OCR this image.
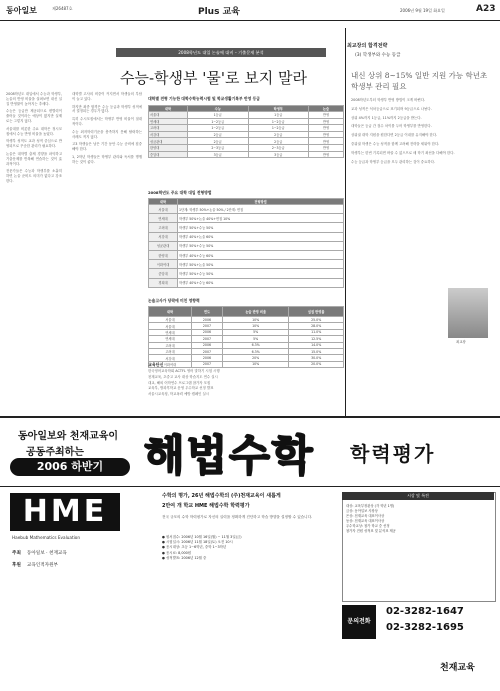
동아일보	제26487호	Plus 교육	2006년 9월 19일 화요일	A23
2008학년도 대입 논술에 대비 – 기출문제 분석
수능-학생부 '물'로 보지 말라

2008학년도 대입에서 수능과 학생부, 논술의 반영 비율을 살펴보면 내신 실질 반영률이 높아지는 추세다.

수능은 등급만 제공되므로 변별력이 줄어들 것이라는 예상이 많지만 실제로는 그렇지 않다.

서울대를 비롯한 주요 대학은 정시모집에서 수능 반영 비율을 높였다.

학생부 성적도 교과 성적 중심으로 반영되므로 꾸준한 관리가 필요하다.

논술은 대학별 출제 경향을 파악하고 기출문제를 반복해 연습하는 것이 효과적이다.

전문가들은 수능과 학생부를 소홀히 하면 논술 준비도 의미가 없다고 강조한다.

대학별 고사의 비중이 커지면서 학생들의 부담이 늘고 있다.

하지만 최종 합격은 수능 등급과 학생부 성적에서 결정되는 경우가 많다.

특히 수시모집에서는 학생부 반영 비율이 절대적이다.

수능 최저학력기준을 충족하지 못해 탈락하는 사례도 적지 않다.

고3 학생들은 남은 기간 동안 수능 준비에 집중해야 한다.

1, 2학년 학생들은 학생부 관리와 독서를 병행하는 것이 좋다.

대학별 전형 기능한 대학수학능력시험 및 학교생활기록부 반영 등급
대학	수능	학생부	논술
서울대	1등급	1등급	반영
연세대	1~2등급	1~2등급	반영
고려대	1~2등급	1~2등급	반영
서강대	2등급	2등급	반영
성균관대	2등급	2등급	반영
한양대	2~3등급	2~3등급	반영
중앙대	3등급	3등급	반영
2008학년도 주요 대학 대입 전형방법
대학	전형방법
서울대	1단계: 학생부 50%+논술 50% / 2단계: 면접
연세대	학생부 50%+논술 40%+면접 10%
고려대	학생부 50%+수능 50%
서강대	학생부 40%+논술 60%
성균관대	학생부 50%+수능 50%
한양대	학생부 40%+수능 60%
이화여대	학생부 50%+논술 50%
중앙대	학생부 50%+수능 50%
경희대	학생부 40%+수능 60%
논술고사가 당락에 미친 영향력
대학	연도	논술 반영 비율	실질 반영률
서울대	2006	10%	25.0%
서울대	2007	10%	28.0%
연세대	2006	5%	11.0%
연세대	2007	5%	12.5%
고려대	2006	6.3%	14.0%
고려대	2007	6.3%	15.0%
서강대	2006	20%	30.0%
이화여대	2007	10%	20.0%
교육단신

한국영어교육학회 ACTFL 영어 말하기 시험 시행

천재교육, 초중고 교사 대상 학습지도 연수 실시

대교, 해외 어학연수 프로그램 참가자 모집

교육부, 방과후학교 운영 우수학교 선정 발표

서울시교육청, 학교폭력 예방 캠페인 실시

최교장의 합격전략
(3) 학생부와 수능 등급
내신 상위 8~15% 일반 지원 가능 학년초 학생부 관리 필요

2008학년도부터 학생부 반영 방법이 크게 바뀐다.

교과 성적은 석차등급으로 표기되며 9등급으로 나뉜다.

상위 4%까지 1등급, 11%까지 2등급을 받는다.

대학들은 등급 간 점수 차이를 두어 학생부를 반영한다.

상위권 대학 지원을 원한다면 2등급 이내를 유지해야 한다.

중위권 학생은 수능 성적을 함께 고려해 전략을 세워야 한다.

학생부는 한번 기록되면 바꿀 수 없으므로 매 학기 최선을 다해야 한다.

수능 등급과 학생부 등급을 모두 관리하는 것이 중요하다.

최교장
동아일보와 천재교육이
공동주최하는
2006 하반기 해법수학 학력평가
HME
Haebub Mathematics Evaluation
주최 동아일보 · 천재교육
후원 교육인적자원부
수학의 명가, 26년 해법수학의 (주)천재교육이 새롭게
2만여 개 학교 HME 해법수학 학력평가
전국 규모의 수학 학력평가로 자신의 실력을 정확하게 진단하고 학습 방향을 설정할 수 있습니다.
● 원서접수: 2006년 10월 16일(월) ~ 11월 3일(금)
● 시험일시: 2006년 11월 18일(토) 오전 10시
● 응시대상: 초등 1~6학년, 중학 1~3학년
● 응시료: 8,000원
● 성적발표: 2006년 12월 중
시상 및 특전
대상: 교육부장관상 (각 학년 1명)
금상: 동아일보 사장상
은상: 천재교육 대표이사상
동상: 천재교육 대표이사상
우수학교상: 참가 학교 중 선정
참가자 전원 성적표 및 분석표 제공
문의전화
02-3282-1647
02-3282-1695
천재교육
